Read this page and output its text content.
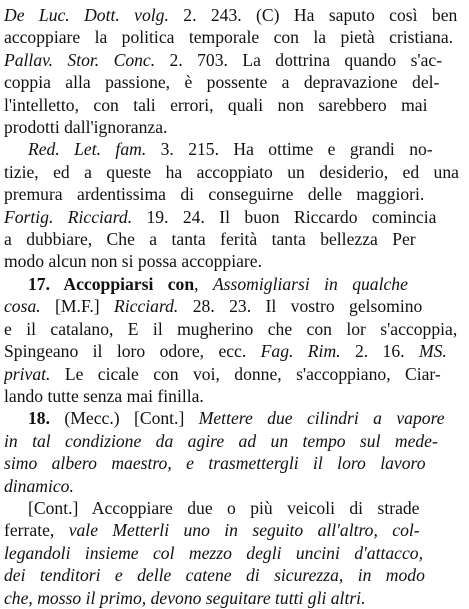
De Luc. Dott. volg. 2. 243. (C) Ha saputo così ben
accoppiare la politica temporale con la pietà cristiana.
Pallav. Stor. Conc. 2. 703. La dottrina quando s'ac-
coppia alla passione, è possente a depravazione del-
l'intelletto, con tali errori, quali non sarebbero mai
prodotti dall'ignoranza.
Red. Let. fam. 3. 215. Ha ottime e grandi no-
tizie, ed a queste ha accoppiato un desiderio, ed una
premura ardentissima di conseguirne delle maggiori.
Fortig. Ricciard. 19. 24. Il buon Riccardo comincia
a dubbiare, Che a tanta ferità tanta bellezza Per
modo alcun non si possa accoppiare.
17. Accoppiarsi con, Assomigliarsi in qualche
cosa. [M.F.] Ricciard. 28. 23. Il vostro gelsomino
e il catalano, E il mugherino che con lor s'accoppia,
Spingeano il loro odore, ecc. Fag. Rim. 2. 16. MS.
privat. Le cicale con voi, donne, s'accoppiano, Ciar-
lando tutte senza mai finilla.
18. (Mecc.) [Cont.] Mettere due cilindri a vapore
in tal condizione da agire ad un tempo sul mede-
simo albero maestro, e trasmettergli il loro lavoro
dinamico.
[Cont.] Accoppiare due o più veicoli di strade
ferrate, vale Metterli uno in seguito all'altro, col-
legandoli insieme col mezzo degli uncini d'attacco,
dei tenditori e delle catene di sicurezza, in modo
che, mosso il primo, devono seguitare tutti gli altri.
